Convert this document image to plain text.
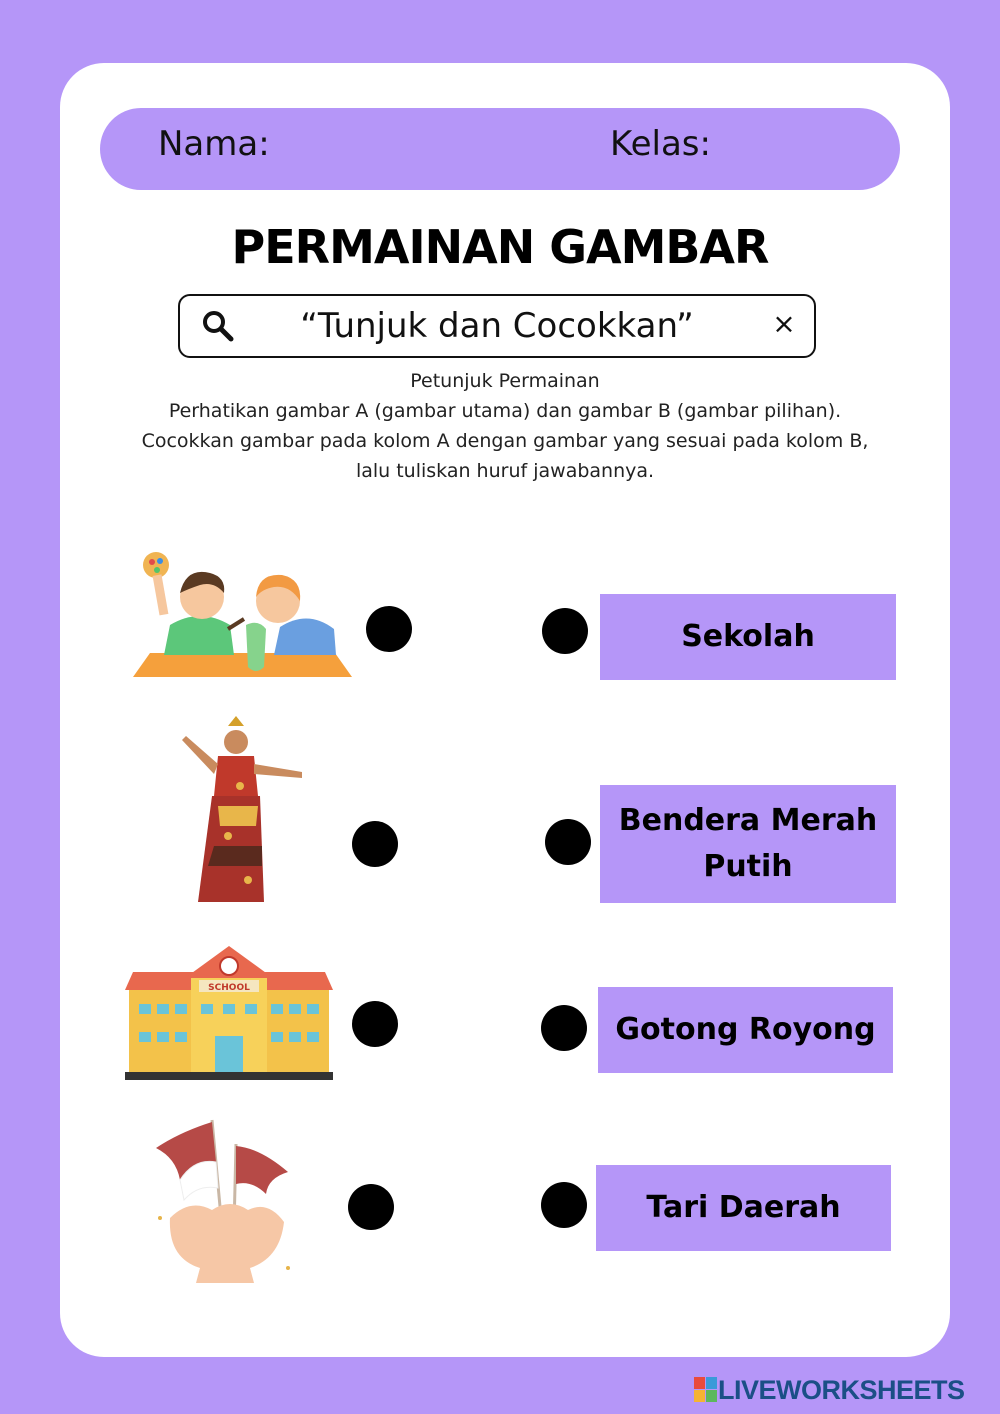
Nama:	Kelas:
PERMAINAN GAMBAR
“Tunjuk dan Cocokkan”	×
Petunjuk Permainan
Perhatikan gambar A (gambar utama) dan gambar B (gambar pilihan).
Cocokkan gambar pada kolom A dengan gambar yang sesuai pada kolom B,
lalu tuliskan huruf jawabannya.
SCHOOL
Sekolah
Bendera Merah Putih
Gotong Royong
Tari Daerah
LIVEWORKSHEETS
